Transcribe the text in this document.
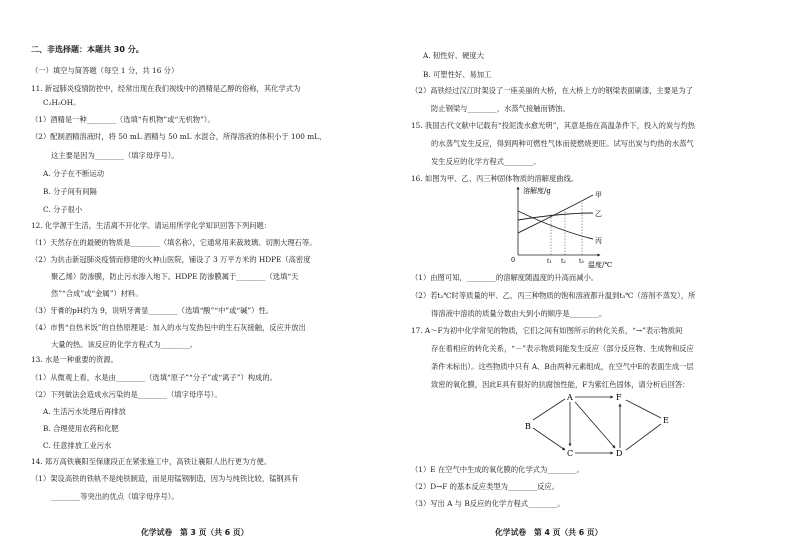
二、非选择题：本题共 30 分。
（一）填空与简答题（每空 1 分，共 16 分）
11. 新冠肺炎疫情防控中，经常出现在我们视线中的酒精是乙醇的俗称，其化学式为
C₂H₅OH。
（1）酒精是一种________（选填“有机物”或“无机物”）。
（2）配制酒精溶液时，将 50 mL 酒精与 50 mL 水混合，所得溶液的体积小于 100 mL，
这主要是因为________（填字母序号）。
A. 分子在不断运动
B. 分子间有间隔
C. 分子很小
12. 化学源于生活，生活离不开化学。请运用所学化学知识回答下列问题：
（1）天然存在的最硬的物质是________（填名称），它通常用来裁玻璃、切割大理石等。
（2）为抗击新冠肺炎疫情而修建的火神山医院，铺设了 3 万平方米的 HDPE（高密度
聚乙烯）防渗膜，防止污水渗入地下。HDPE 防渗膜属于________（选填“天
然”“合成”或“金属”）材料。
（3）牙膏的pH约为 9，说明牙膏显________（选填“酸”“中”或“碱”）性。
（4）市售“自热米饭”的自热原理是：加入的水与发热包中的生石灰接触，反应并放出
大量的热。该反应的化学方程式为________。
13. 水是一种重要的资源。
（1）从微观上看，水是由________（选填“原子”“分子”或“离子”）构成的。
（2）下列做法会造成水污染的是________（填字母序号）。
A. 生活污水处理后再排放
B. 合理使用农药和化肥
C. 任意排放工业污水
14. 郑万高铁襄阳至保康段正在紧张施工中，高铁让襄阳人出行更为方便。
（1）架设高铁的铁轨不是纯铁制造，而是用锰钢制造，因为与纯铁比较，锰钢具有
________等突出的优点（填字母序号）。
化学试卷　第 3 页（共 6 页）
溶解度/g
温度/℃
0	t₁ t₂ t₃
甲
乙
丙
A	F
B
E
C	D
A. 韧性好、硬度大
B. 可塑性好、易加工
（2）高铁经过汉江时架设了一座美丽的大桥，在大桥上方的钢梁表面刷漆，主要是为了
防止钢梁与________、水蒸气接触而锈蚀。
15. 我国古代文献中记载有“投泥泼水愈光明”，其意是指在高温条件下，投入的炭与灼热
的水蒸气发生反应，得到两种可燃性气体而使燃烧更旺。试写出炭与灼热的水蒸气
发生反应的化学方程式________。
16. 如图为甲、乙、丙三种固体物质的溶解度曲线。
（1）由图可知，________的溶解度随温度的升高而减小。
（2）若t₂℃时等质量的甲、乙、丙三种物质的饱和溶液都升温到t₃℃（溶剂不蒸发），所
得溶液中溶质的质量分数由大到小的顺序是________。
17. A～F为初中化学常见的物质，它们之间有如图所示的转化关系，“→”表示物质间
存在着相应的转化关系，“－”表示物质间能发生反应（部分反应物、生成物和反应
条件未标出）。这些物质中只有 A、B由两种元素组成，在空气中E的表面生成一层
致密的氧化膜，因此E具有很好的抗腐蚀性能，F为紫红色固体，请分析后回答：
（1）E 在空气中生成的氧化膜的化学式为________。
（2）D→F 的基本反应类型为________反应。
（3）写出 A 与 B反应的化学方程式________。
化学试卷　第 4 页（共 6 页）
